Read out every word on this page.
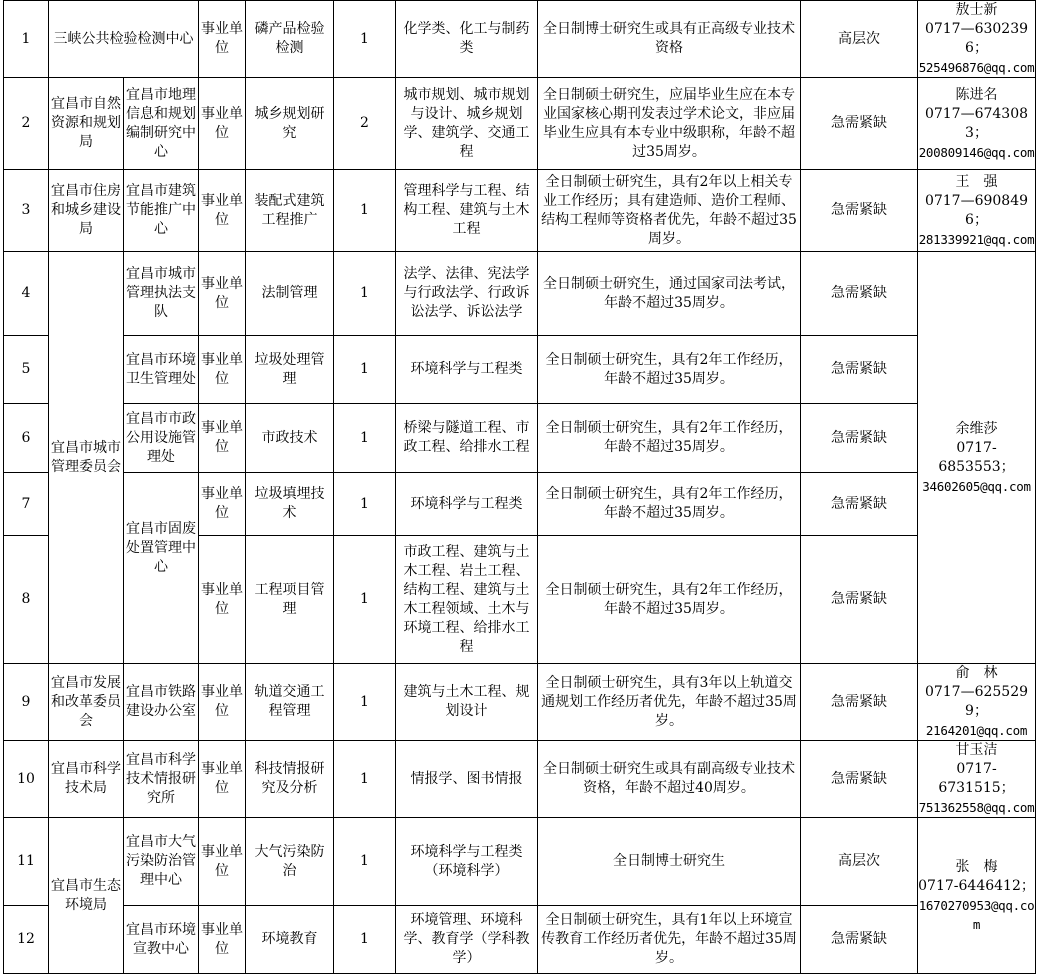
1	三峡公共检验检测中心		事业单位	磷产品检验检测	1	化学类、化工与制药类	全日制博士研究生或具有正高级专业技术资格	高层次	敖士新
0717—6302396；
525496876@qq.com

2	宜昌市自然资源和规划局	宜昌市地理信息和规划编制研究中心	事业单位	城乡规划研究	2	城市规划、城市规划与设计、城乡规划学、建筑学、交通工程	全日制硕士研究生，应届毕业生应在本专业国家核心期刊发表过学术论文，非应届毕业生应具有本专业中级职称，年龄不超过35周岁。	急需紧缺	陈进名
0717—6743083；
200809146@qq.com

3	宜昌市住房和城乡建设局	宜昌市建筑节能推广中心	事业单位	装配式建筑工程推广	1	管理科学与工程、结构工程、建筑与土木工程	全日制硕士研究生，具有2年以上相关专业工作经历；具有建造师、造价工程师、结构工程师等资格者优先，年龄不超过35周岁。	急需紧缺	王　强
0717—6908496；
281339921@qq.com

4	宜昌市城市管理委员会	宜昌市城市管理执法支队	事业单位	法制管理	1	法学、法律、宪法学与行政法学、行政诉讼法学、诉讼法学	全日制硕士研究生，通过国家司法考试，年龄不超过35周岁。	急需紧缺	余维莎
0717-
6853553；
34602605@qq.com

5		宜昌市环境卫生管理处	事业单位	垃圾处理管理	1	环境科学与工程类	全日制硕士研究生，具有2年工作经历，年龄不超过35周岁。	急需紧缺	
6		宜昌市市政公用设施管理处	事业单位	市政技术	1	桥梁与隧道工程、市政工程、给排水工程	全日制硕士研究生，具有2年工作经历，年龄不超过35周岁。	急需紧缺	
7		宜昌市固废处置管理中心	事业单位	垃圾填埋技术	1	环境科学与工程类	全日制硕士研究生，具有2年工作经历，年龄不超过35周岁。	急需紧缺	
8			事业单位	工程项目管理	1	市政工程、建筑与土木工程、岩土工程、结构工程、建筑与土木工程领域、土木与环境工程、给排水工程	全日制硕士研究生，具有2年工作经历，年龄不超过35周岁。	急需紧缺	
9	宜昌市发展和改革委员会	宜昌市铁路建设办公室	事业单位	轨道交通工程管理	1	建筑与土木工程、规划设计	全日制硕士研究生，具有3年以上轨道交通规划工作经历者优先，年龄不超过35周岁。	急需紧缺	俞　林
0717—6255299；
2164201@qq.com

10	宜昌市科学技术局	宜昌市科学技术情报研究所	事业单位	科技情报研究及分析	1	情报学、图书情报	全日制硕士研究生或具有副高级专业技术资格，年龄不超过40周岁。	急需紧缺	甘玉洁
0717-
6731515；
751362558@qq.com

11	宜昌市生态环境局	宜昌市大气污染防治管理中心	事业单位	大气污染防治	1	环境科学与工程类（环境科学）	全日制博士研究生	高层次	张　梅
0717-6446412；
1670270953@qq.com

12		宜昌市环境宣教中心	事业单位	环境教育	1	环境管理、环境科学、教育学（学科教学）	全日制硕士研究生，具有1年以上环境宣传教育工作经历者优先，年龄不超过35周岁。	急需紧缺	
